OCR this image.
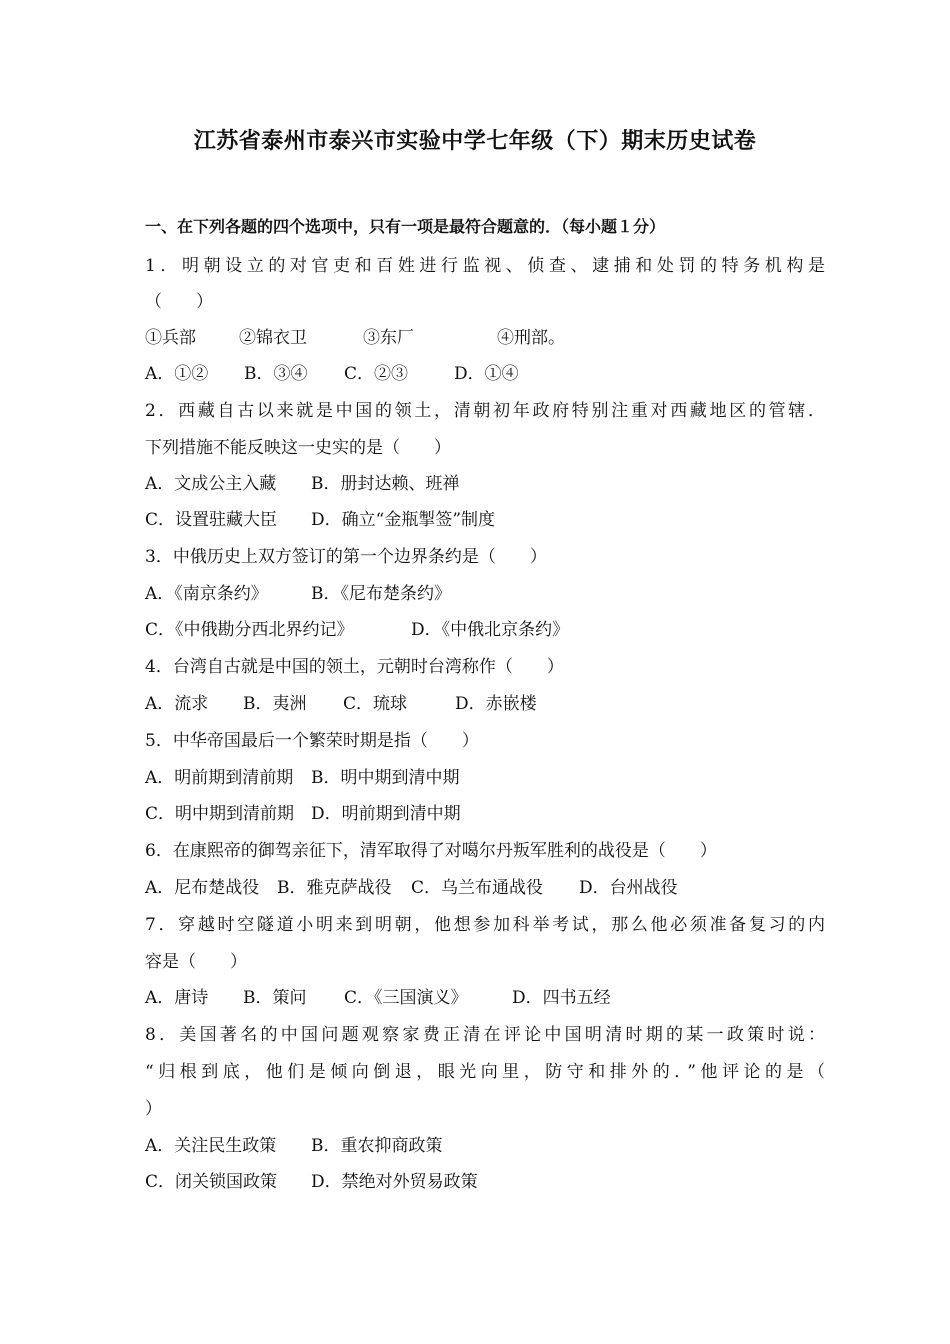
江苏省泰州市泰兴市实验中学七年级（下）期末历史试卷
一、在下列各题的四个选项中，只有一项是最符合题意的．（每小题１分）
1．明朝设立的对官吏和百姓进行监视、侦查、逮捕和处罚的特务机构是
（　　）
①兵部	②锦衣卫	③东厂	④刑部。
A．①② B．③④ C．②③	D．①④
2．西藏自古以来就是中国的领土，清朝初年政府特别注重对西藏地区的管辖．
下列措施不能反映这一史实的是（　　）
A．文成公主入藏 B．册封达赖、班禅
C．设置驻藏大臣 D．确立“金瓶掣签”制度
3．中俄历史上双方签订的第一个边界条约是（　　）
A．《南京条约》	B．《尼布楚条约》
C．《中俄勘分西北界约记》	D．《中俄北京条约》
4．台湾自古就是中国的领土，元朝时台湾称作（　　）
A．流求 B．夷洲 C．琉球	D．赤嵌楼
5．中华帝国最后一个繁荣时期是指（　　）
A．明前期到清前期 B．明中期到清中期
C．明中期到清前期 D．明前期到清中期
6．在康熙帝的御驾亲征下，清军取得了对噶尔丹叛军胜利的战役是（　　）
A．尼布楚战役 B．雅克萨战役 C．乌兰布通战役 D．台州战役
7．穿越时空隧道小明来到明朝，他想参加科举考试，那么他必须准备复习的内
容是（　　）
A．唐诗 B．策问 C．《三国演义》	D．四书五经
8．美国著名的中国问题观察家费正清在评论中国明清时期的某一政策时说：
“归根到底，他们是倾向倒退，眼光向里，防守和排外的．”他评论的是（
）
A．关注民生政策 B．重农抑商政策
C．闭关锁国政策 D．禁绝对外贸易政策
